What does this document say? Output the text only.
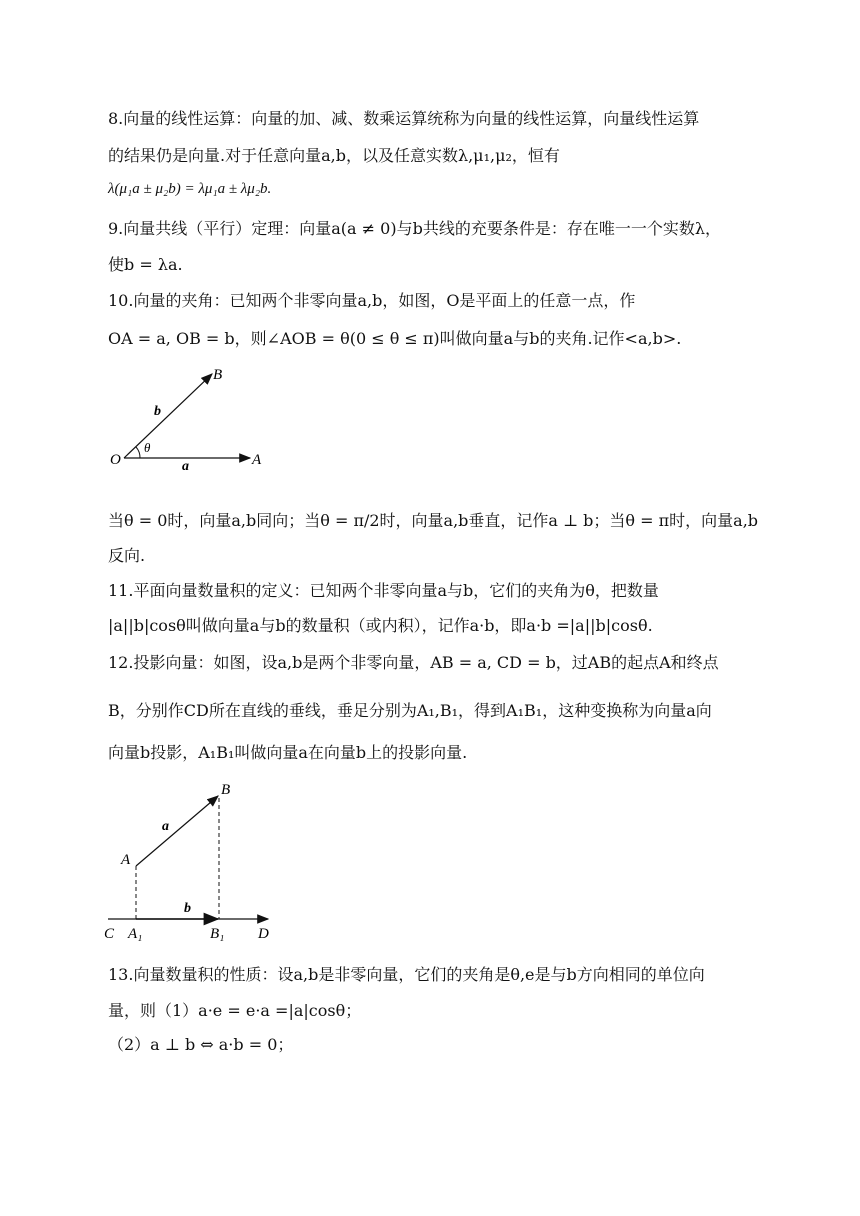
8.向量的线性运算：向量的加、减、数乘运算统称为向量的线性运算，向量线性运算
的结果仍是向量.对于任意向量a,b，以及任意实数λ,μ₁,μ₂，恒有
λ(μ₁a ± μ₂b) = λμ₁a ± λμ₂b.
9.向量共线（平行）定理：向量a(a ≠ 0)与b共线的充要条件是：存在唯一一个实数λ，
使b = λa.
10.向量的夹角：已知两个非零向量a,b，如图，O是平面上的任意一点，作
OA = a, OB = b，则∠AOB = θ(0 ≤ θ ≤ π)叫做向量a与b的夹角.记作<a,b>.
O	A
B
a
b
θ
当θ = 0时，向量a,b同向；当θ = π/2时，向量a,b垂直，记作a ⊥ b；当θ = π时，向量a,b
反向.
11.平面向量数量积的定义：已知两个非零向量a与b，它们的夹角为θ，把数量
|a||b|cosθ叫做向量a与b的数量积（或内积），记作a·b，即a·b =|a||b|cosθ.
12.投影向量：如图，设a,b是两个非零向量，AB = a, CD = b，过AB的起点A和终点
B，分别作CD所在直线的垂线，垂足分别为A₁,B₁，得到A₁B₁，这种变换称为向量a向
向量b投影，A₁B₁叫做向量a在向量b上的投影向量.
A
B
C A₁	B₁ D
a
b
13.向量数量积的性质：设a,b是非零向量，它们的夹角是θ,e是与b方向相同的单位向
量，则（1）a·e = e·a =|a|cosθ；
（2）a ⊥ b ⇔ a·b = 0；
